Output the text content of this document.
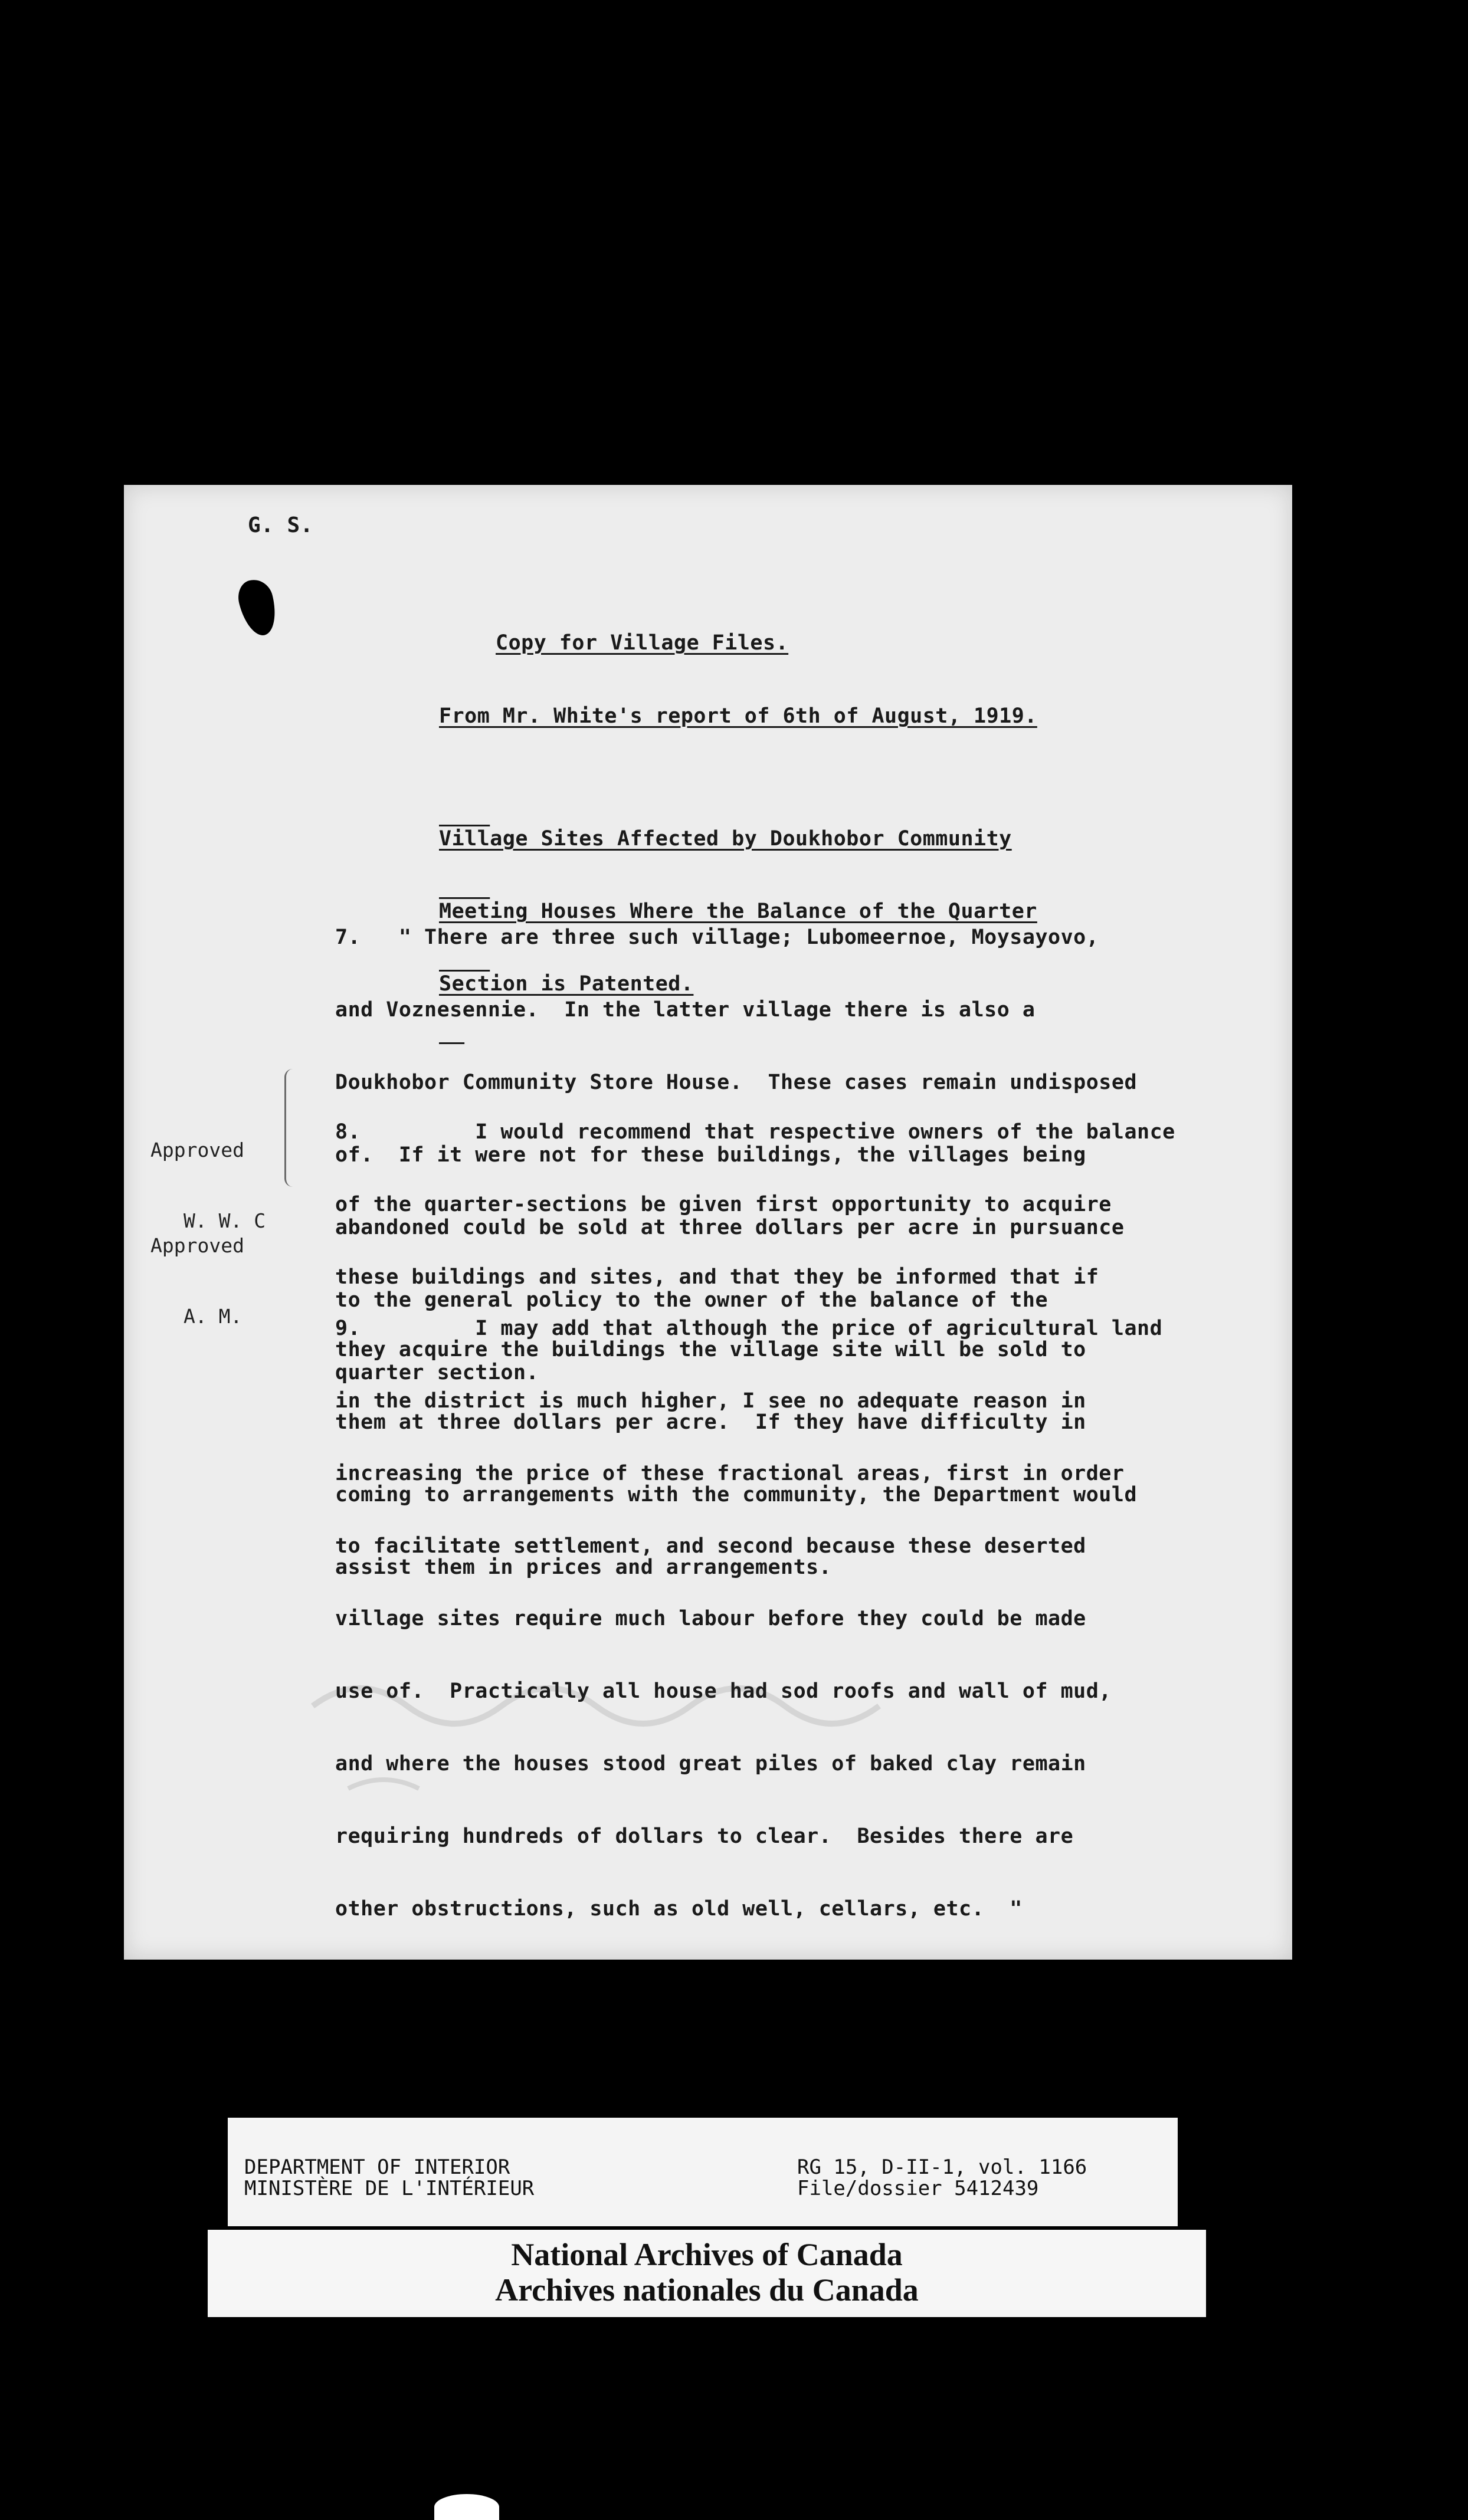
G. S.
Copy for Village Files.
From Mr. White's report of 6th of August, 1919.

Village Sites Affected by Doukhobor Community

Meeting Houses Where the Balance of the Quarter

Section is Patented.

7.   " There are three such village; Lubomeernoe, Moysayovo,

and Voznesennie.  In the latter village there is also a

Doukhobor Community Store House.  These cases remain undisposed

of.  If it were not for these buildings, the villages being

abandoned could be sold at three dollars per acre in pursuance

to the general policy to the owner of the balance of the

quarter section.

Approved

W. W. C

Approved

A. M.

8.         I would recommend that respective owners of the balance

of the quarter-sections be given first opportunity to acquire

these buildings and sites, and that they be informed that if

they acquire the buildings the village site will be sold to

them at three dollars per acre.  If they have difficulty in

coming to arrangements with the community, the Department would

assist them in prices and arrangements.

9.         I may add that although the price of agricultural land

in the district is much higher, I see no adequate reason in

increasing the price of these fractional areas, first in order

to facilitate settlement, and second because these deserted

village sites require much labour before they could be made

use of.  Practically all house had sod roofs and wall of mud,

and where the houses stood great piles of baked clay remain

requiring hundreds of dollars to clear.  Besides there are

other obstructions, such as old well, cellars, etc.  "

DEPARTMENT OF INTERIOR
MINISTÈRE DE L'INTÉRIEUR
RG 15, D-II-1, vol. 1166
File/dossier 5412439
National Archives of Canada
Archives nationales du Canada
